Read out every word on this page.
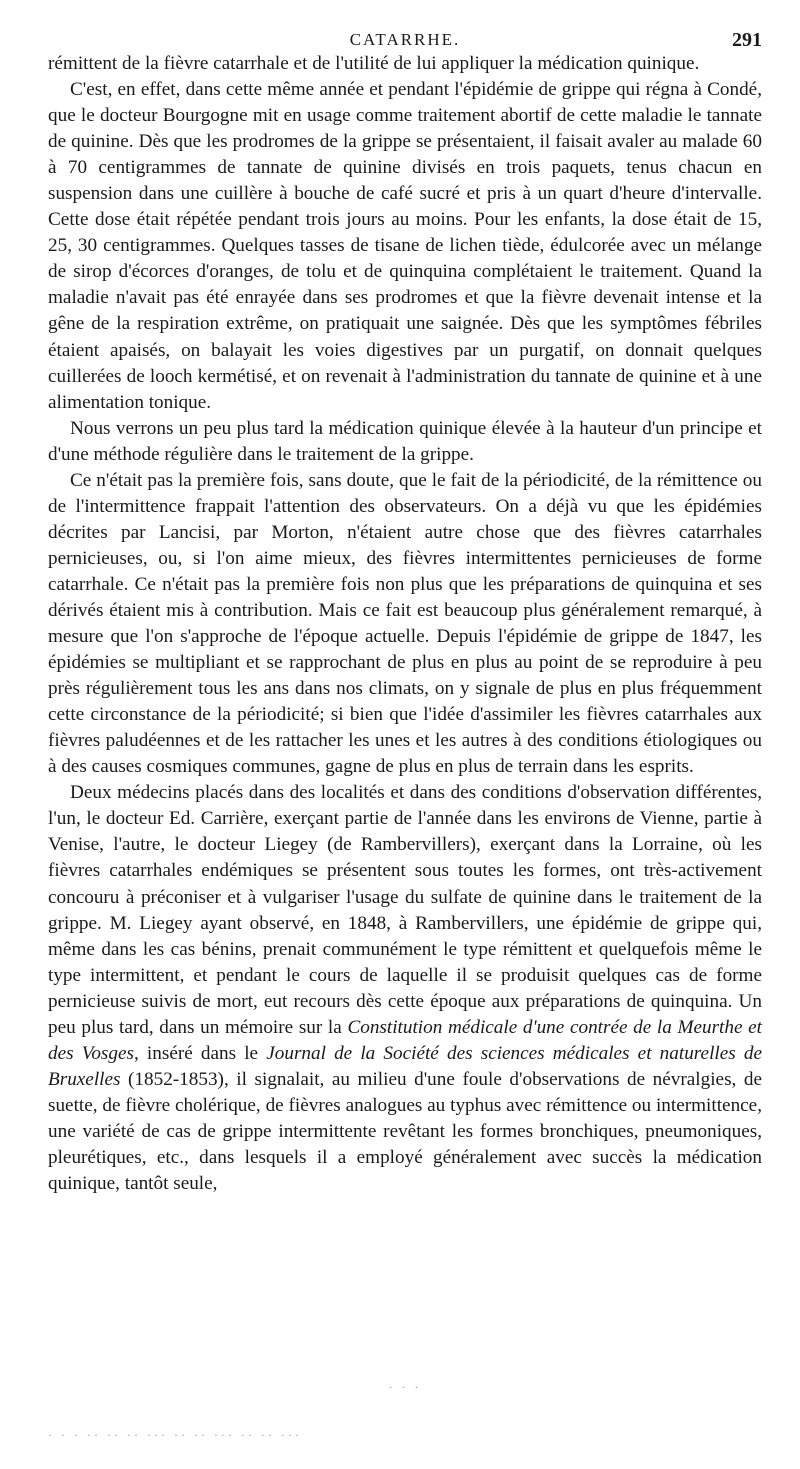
CATARRHE.	291

rémittent de la fièvre catarrhale et de l'utilité de lui appliquer la médication quinique.

C'est, en effet, dans cette même année et pendant l'épidémie de grippe qui régna à Condé, que le docteur Bourgogne mit en usage comme traitement abortif de cette maladie le tannate de quinine. Dès que les prodromes de la grippe se présentaient, il faisait avaler au malade 60 à 70 centigrammes de tannate de quinine divisés en trois paquets, tenus chacun en suspension dans une cuillère à bouche de café sucré et pris à un quart d'heure d'intervalle. Cette dose était répétée pendant trois jours au moins. Pour les enfants, la dose était de 15, 25, 30 centigrammes. Quelques tasses de tisane de lichen tiède, édulcorée avec un mélange de sirop d'écorces d'oranges, de tolu et de quinquina complétaient le traitement. Quand la maladie n'avait pas été enrayée dans ses prodromes et que la fièvre devenait intense et la gêne de la respiration extrême, on pratiquait une saignée. Dès que les symptômes fébriles étaient apaisés, on balayait les voies digestives par un purgatif, on donnait quelques cuillerées de looch kermétisé, et on revenait à l'administration du tannate de quinine et à une alimentation tonique.

Nous verrons un peu plus tard la médication quinique élevée à la hauteur d'un principe et d'une méthode régulière dans le traitement de la grippe.

Ce n'était pas la première fois, sans doute, que le fait de la périodicité, de la rémittence ou de l'intermittence frappait l'attention des observateurs. On a déjà vu que les épidémies décrites par Lancisi, par Morton, n'étaient autre chose que des fièvres catarrhales pernicieuses, ou, si l'on aime mieux, des fièvres intermittentes pernicieuses de forme catarrhale. Ce n'était pas la première fois non plus que les préparations de quinquina et ses dérivés étaient mis à contribution. Mais ce fait est beaucoup plus généralement remarqué, à mesure que l'on s'approche de l'époque actuelle. Depuis l'épidémie de grippe de 1847, les épidémies se multipliant et se rapprochant de plus en plus au point de se reproduire à peu près régulièrement tous les ans dans nos climats, on y signale de plus en plus fréquemment cette circonstance de la périodicité; si bien que l'idée d'assimiler les fièvres catarrhales aux fièvres paludéennes et de les rattacher les unes et les autres à des conditions étiologiques ou à des causes cosmiques communes, gagne de plus en plus de terrain dans les esprits.

Deux médecins placés dans des localités et dans des conditions d'observation différentes, l'un, le docteur Ed. Carrière, exerçant partie de l'année dans les environs de Vienne, partie à Venise, l'autre, le docteur Liegey (de Rambervillers), exerçant dans la Lorraine, où les fièvres catarrhales endémiques se présentent sous toutes les formes, ont très-activement concouru à préconiser et à vulgariser l'usage du sulfate de quinine dans le traitement de la grippe. M. Liegey ayant observé, en 1848, à Rambervillers, une épidémie de grippe qui, même dans les cas bénins, prenait communément le type rémittent et quelquefois même le type intermittent, et pendant le cours de laquelle il se produisit quelques cas de forme pernicieuse suivis de mort, eut recours dès cette époque aux préparations de quinquina. Un peu plus tard, dans un mémoire sur la Constitution médicale d'une contrée de la Meurthe et des Vosges, inséré dans le Journal de la Société des sciences médicales et naturelles de Bruxelles (1852-1853), il signalait, au milieu d'une foule d'observations de névralgies, de suette, de fièvre cholérique, de fièvres analogues au typhus avec rémittence ou intermittence, une variété de cas de grippe intermittente revêtant les formes bronchiques, pneumoniques, pleurétiques, etc., dans lesquels il a employé généralement avec succès la médication quinique, tantôt seule,

· · ·
· · · ·· ·· ·· ··· ·· ·· ··· ·· ·· ···
